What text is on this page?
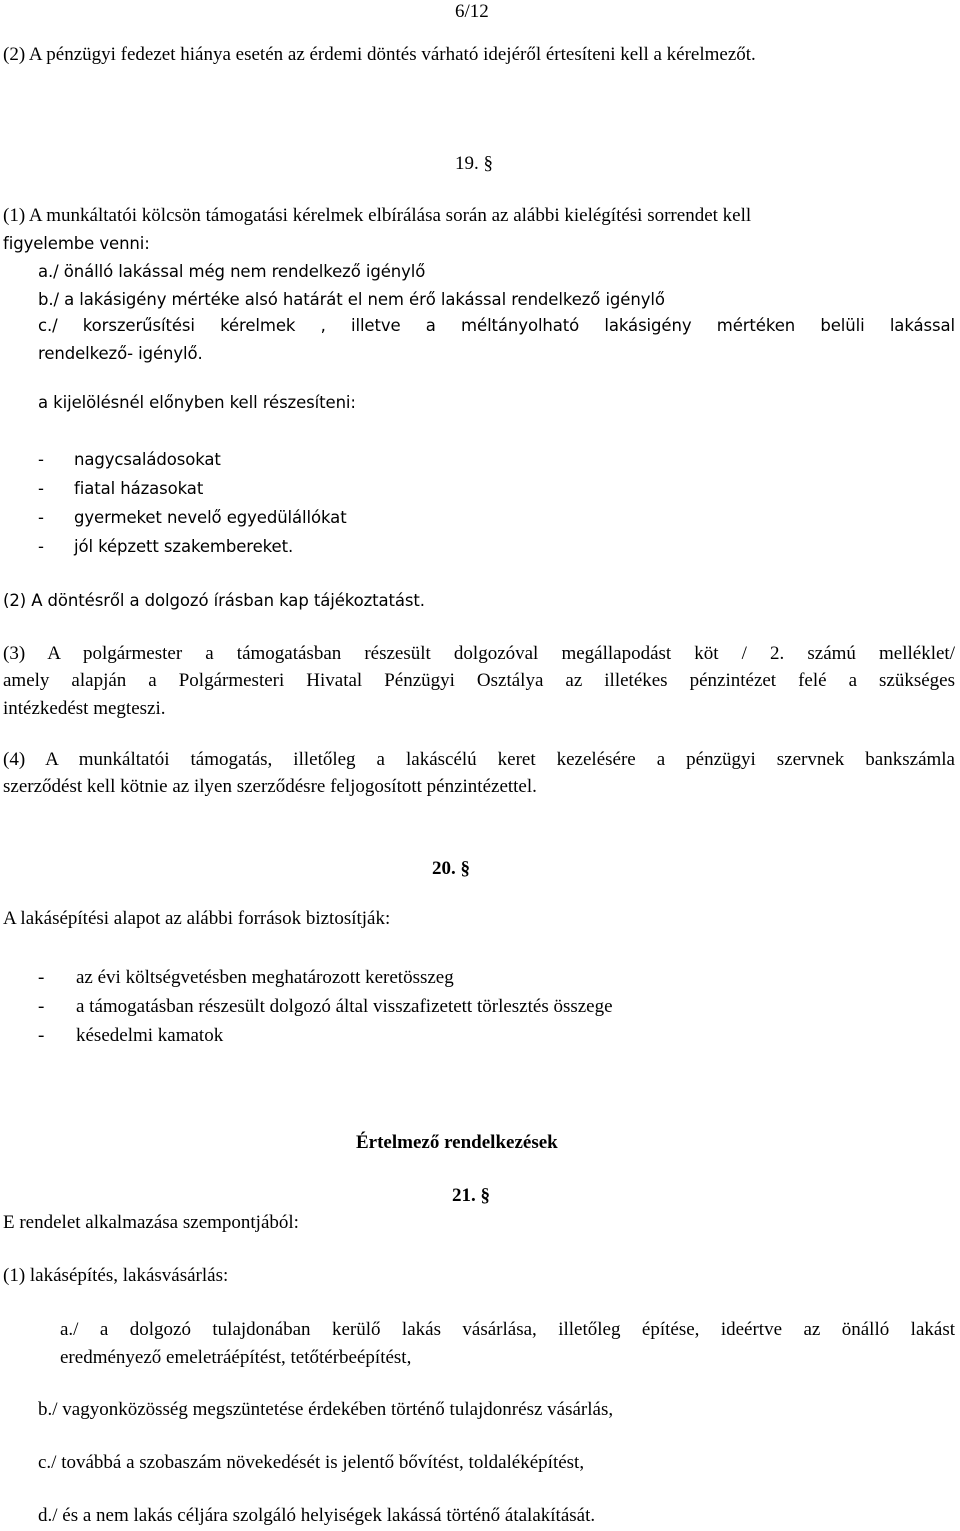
6/12
(2) A pénzügyi fedezet hiánya esetén az érdemi döntés várható idejéről értesíteni kell a kérelmezőt.
19. §
(1) A munkáltatói kölcsön támogatási kérelmek elbírálása során az alábbi kielégítési sorrendet kell
figyelembe venni:
a./ önálló lakással még nem rendelkező igénylő
b./ a lakásigény mértéke alsó határát el nem érő lakással rendelkező igénylő
c./ korszerűsítési kérelmek , illetve a méltányolható lakásigény mértéken belüli lakással
rendelkező- igénylő.
a kijelölésnél előnyben kell részesíteni:
- nagycsaládosokat
- fiatal házasokat
- gyermeket nevelő egyedülállókat
- jól képzett szakembereket.
(2) A döntésről a dolgozó írásban kap tájékoztatást.
(3) A polgármester a támogatásban részesült dolgozóval megállapodást köt / 2. számú melléklet/
amely alapján a Polgármesteri Hivatal Pénzügyi Osztálya az illetékes pénzintézet felé a szükséges
intézkedést megteszi.
(4) A munkáltatói támogatás, illetőleg a lakáscélú keret kezelésére a pénzügyi szervnek bankszámla
szerződést kell kötnie az ilyen szerződésre feljogosított pénzintézettel.
20. §
A lakásépítési alapot az alábbi források biztosítják:
- az évi költségvetésben meghatározott keretösszeg
- a támogatásban részesült dolgozó által visszafizetett törlesztés összege
- késedelmi kamatok
Értelmező rendelkezések
21. §
E rendelet alkalmazása szempontjából:
(1) lakásépítés, lakásvásárlás:
a./ a dolgozó tulajdonában kerülő lakás vásárlása, illetőleg építése, ideértve az önálló lakást
eredményező emeletráépítést, tetőtérbeépítést,
b./ vagyonközösség megszüntetése érdekében történő tulajdonrész vásárlás,
c./ továbbá a szobaszám növekedését is jelentő bővítést, toldaléképítést,
d./ és a nem lakás céljára szolgáló helyiségek lakássá történő átalakítását.
